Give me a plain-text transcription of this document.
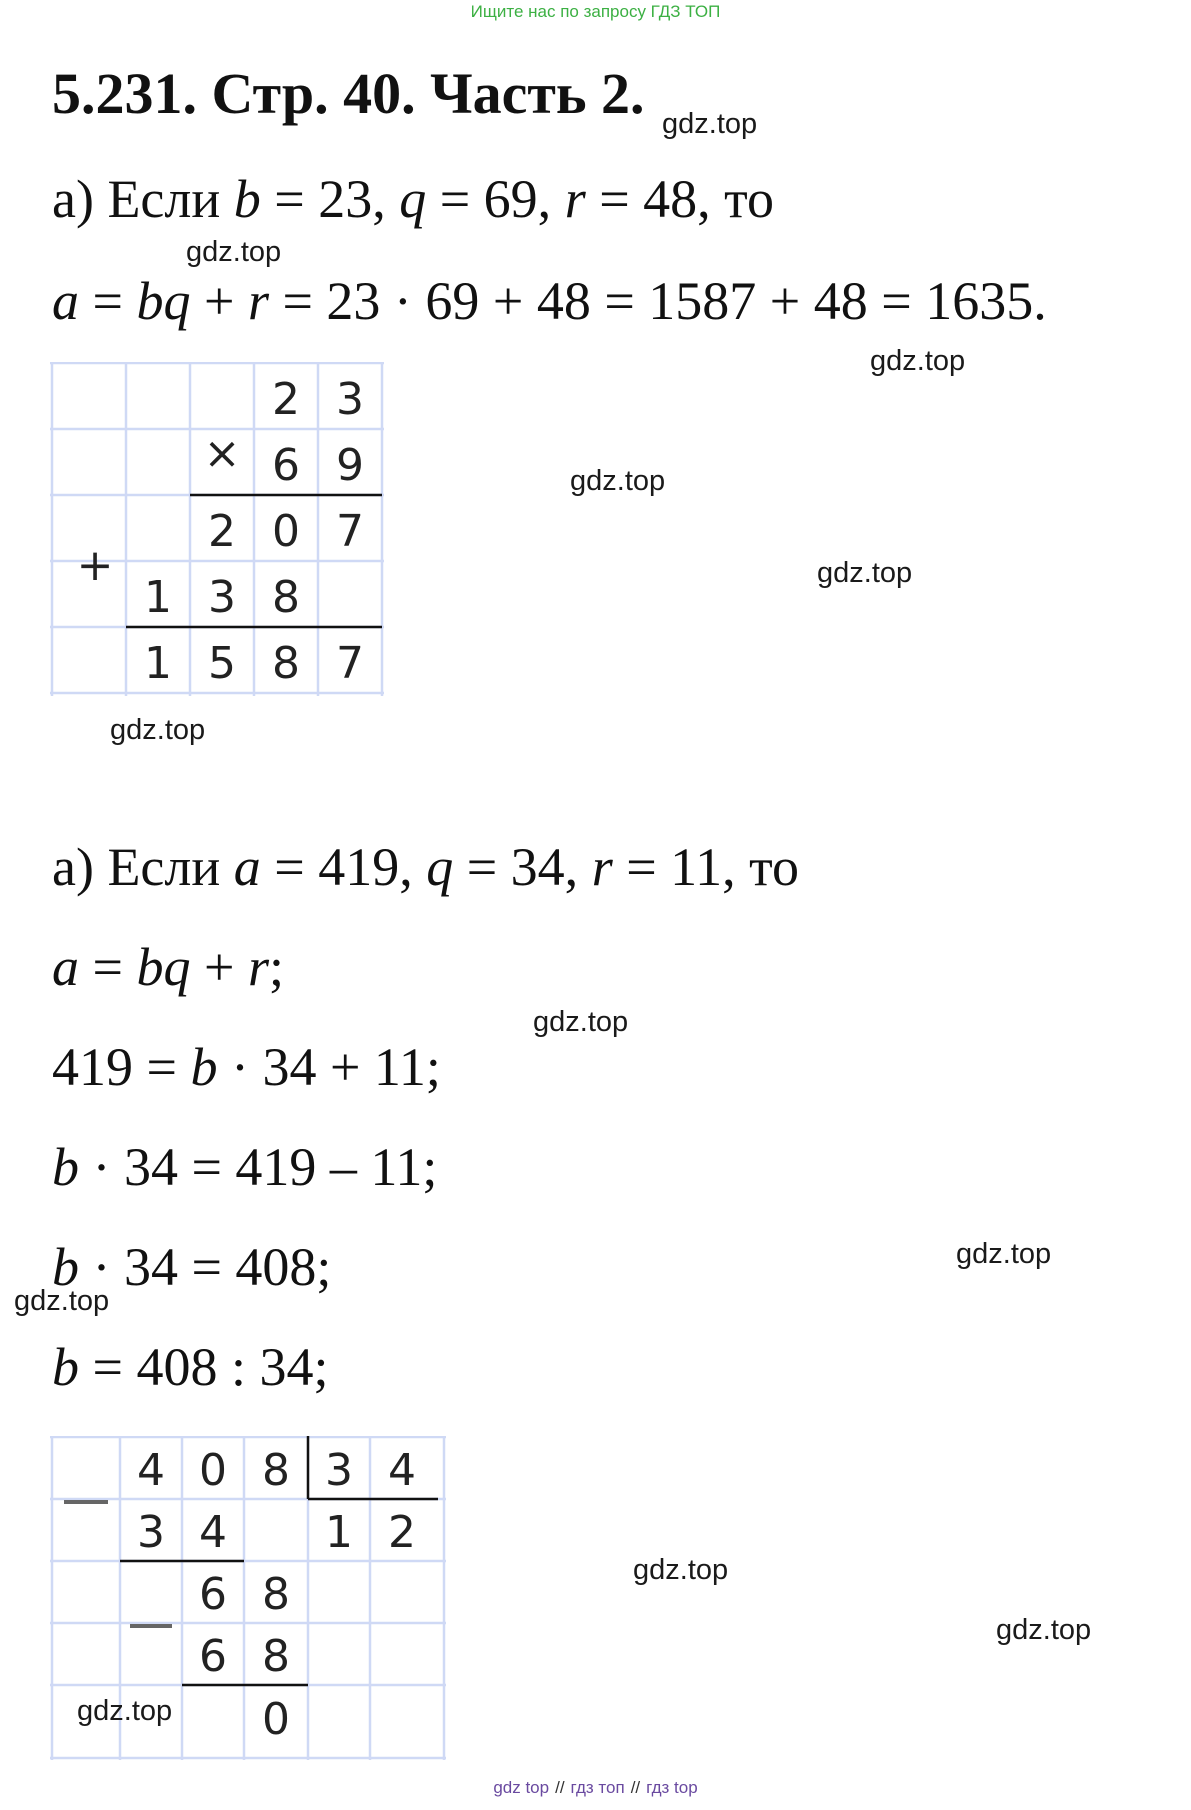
Ищите нас по запросу ГДЗ ТОП
5.231. Стр. 40. Часть 2.
а) Если b = 23, q = 69, r = 48, то
a = bq + r = 23 · 69 + 48 = 1587 + 48 = 1635.
×
+
2 3
6 9
2 0 7
1 3 8
1 5 8 7
а) Если a = 419, q = 34, r = 11, то
a = bq + r;
419 = b · 34 + 11;
b · 34 = 419 – 11;
b · 34 = 408;
b = 408 : 34;
4 0 8 3 4
3 4 1 2
6 8
6 8
0
gdz.top
gdz.top
gdz.top
gdz.top
gdz.top
gdz.top
gdz.top
gdz.top
gdz.top
gdz.top
gdz.top
gdz.top
gdz top // гдз топ // гдз top
